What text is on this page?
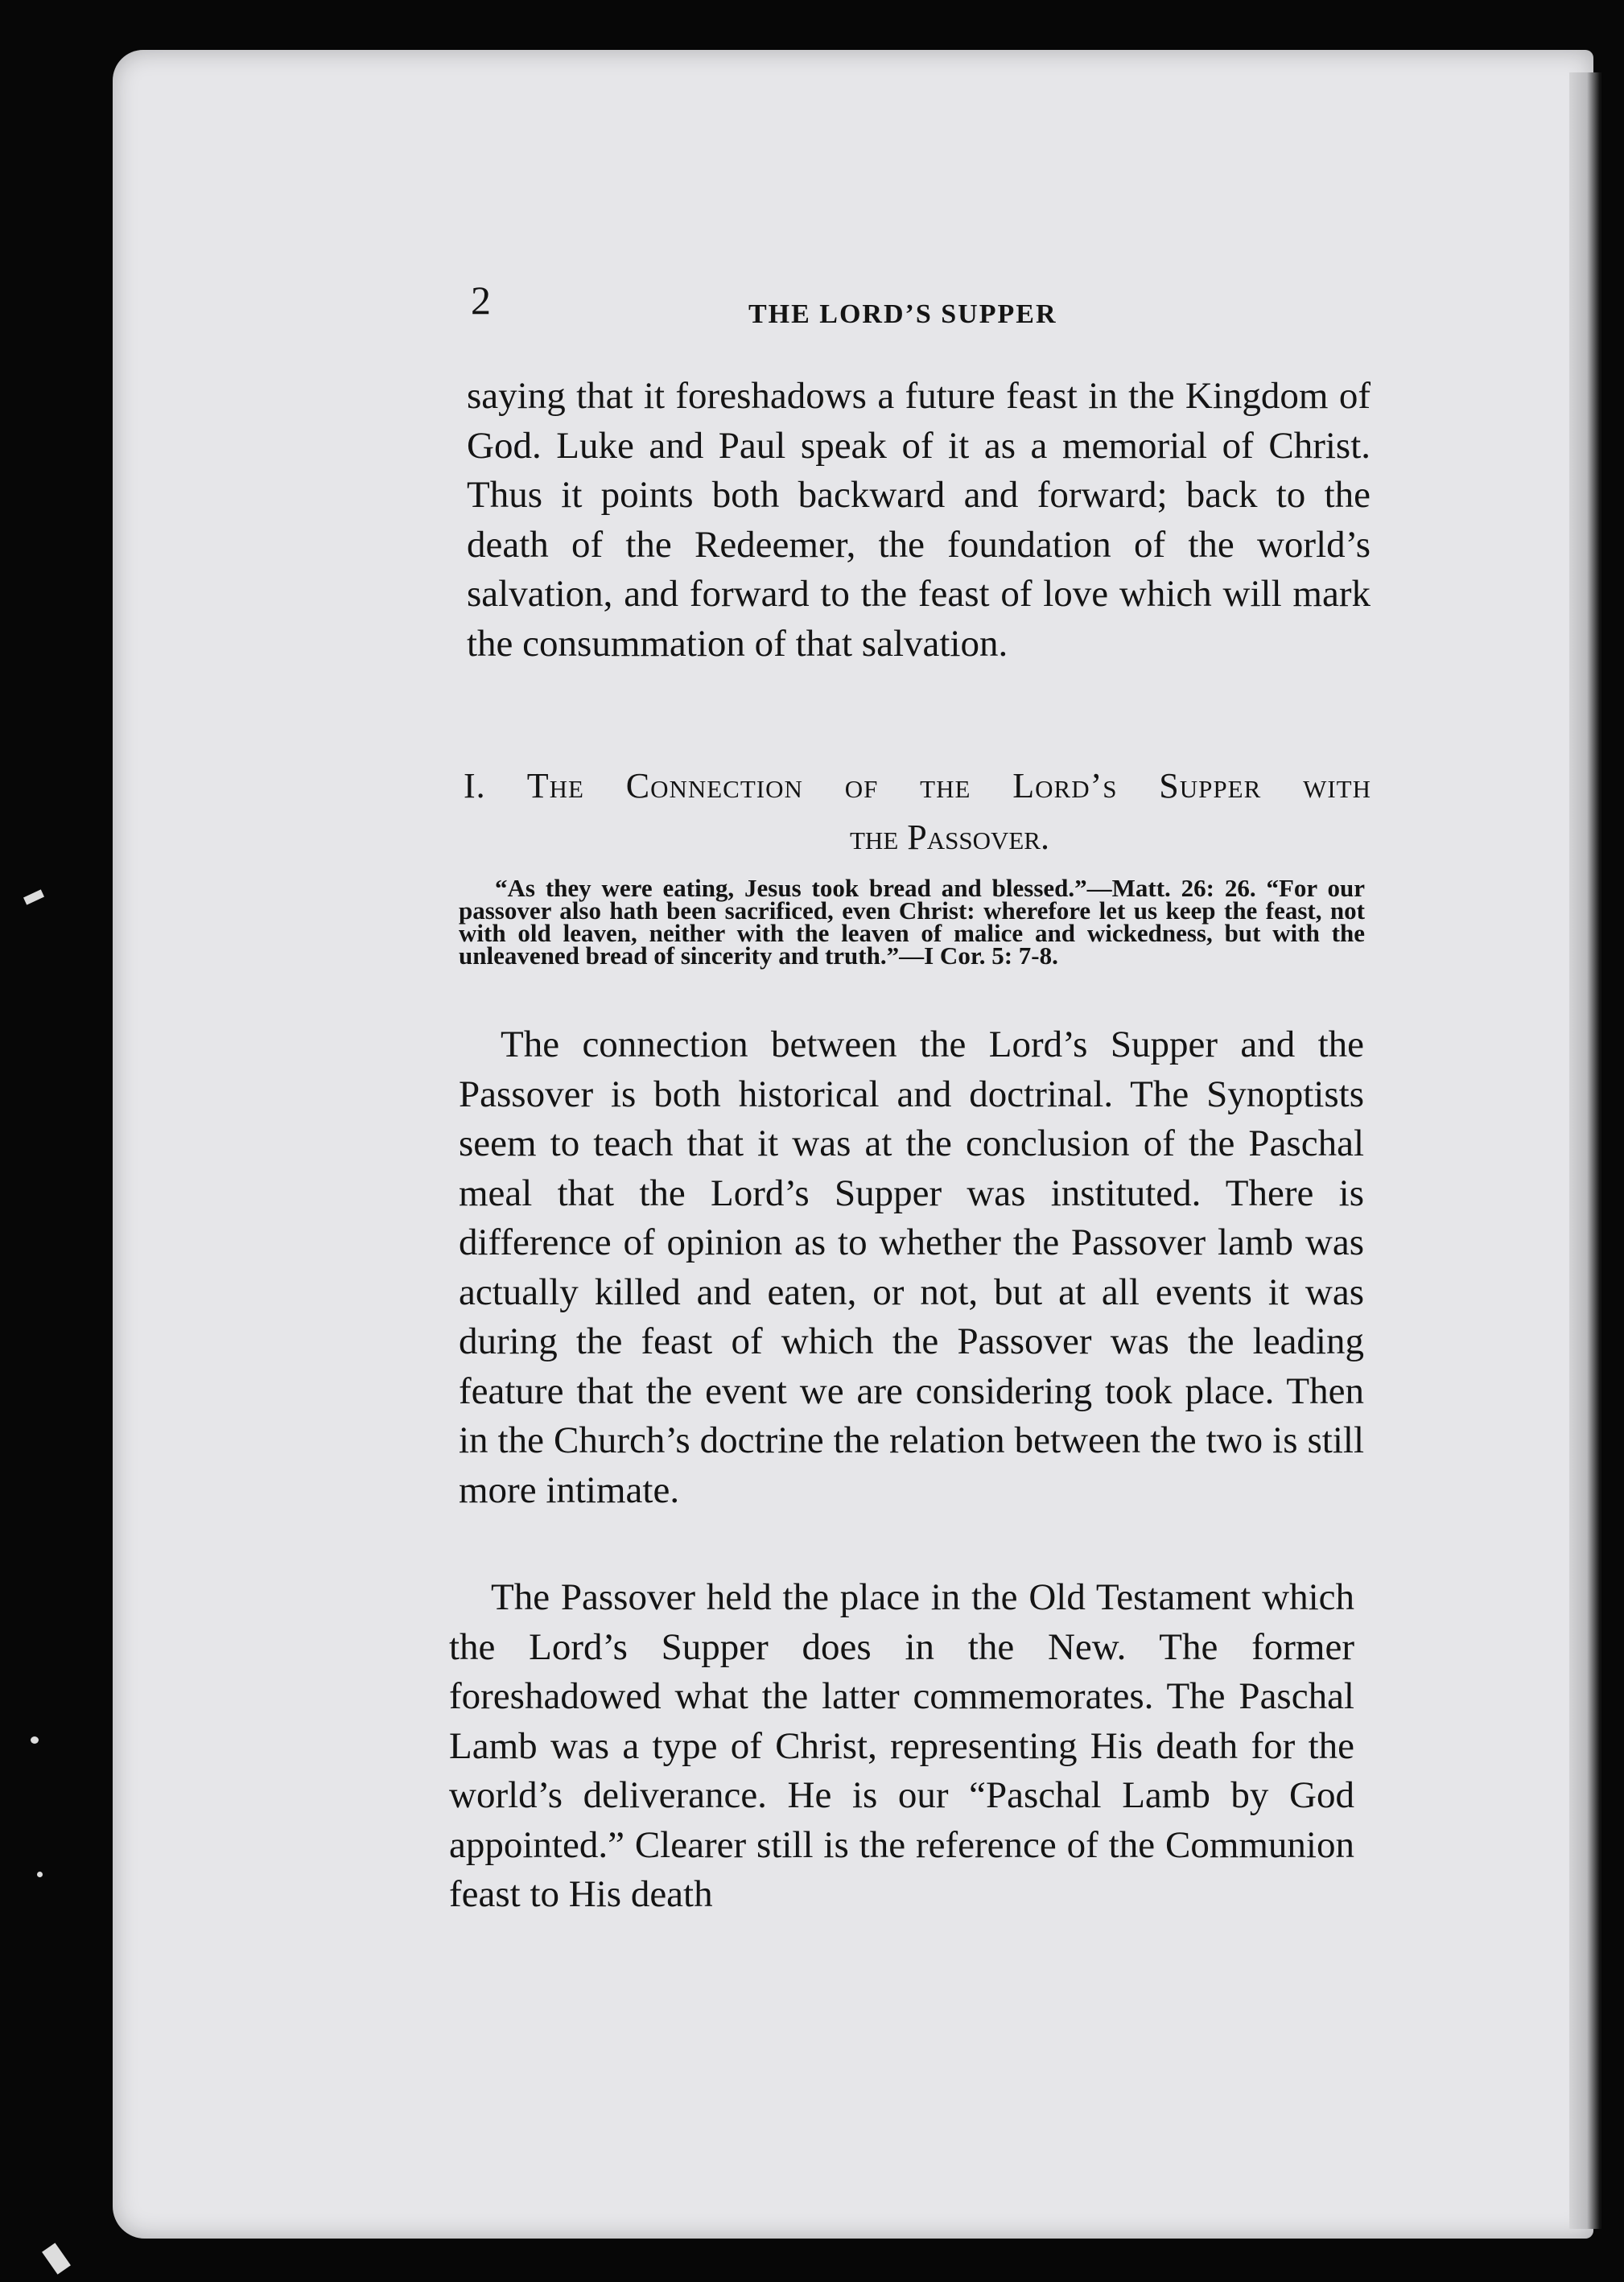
2	THE LORD’S SUPPER
saying that it foreshadows a future feast in the Kingdom of God. Luke and Paul speak of it as a memorial of Christ. Thus it points both backward and forward; back to the death of the Redeemer, the foundation of the world’s salvation, and forward to the feast of love which will mark the consummation of that salvation.
I. The Connection of the Lord’s Supper with
the Passover.
“As they were eating, Jesus took bread and blessed.”—Matt. 26: 26. “For our passover also hath been sacrificed, even Christ: wherefore let us keep the feast, not with old leaven, neither with the leaven of malice and wickedness, but with the unleavened bread of sincerity and truth.”—I Cor. 5: 7-8.
The connection between the Lord’s Supper and the Passover is both historical and doctrinal. The Synoptists seem to teach that it was at the conclusion of the Paschal meal that the Lord’s Supper was instituted. There is difference of opinion as to whether the Passover lamb was actually killed and eaten, or not, but at all events it was during the feast of which the Passover was the leading feature that the event we are considering took place. Then in the Church’s doctrine the relation between the two is still more intimate.
The Passover held the place in the Old Testament which the Lord’s Supper does in the New. The former foreshadowed what the latter commemorates. The Paschal Lamb was a type of Christ, representing His death for the world’s deliverance. He is our “Paschal Lamb by God appointed.” Clearer still is the reference of the Communion feast to His death
